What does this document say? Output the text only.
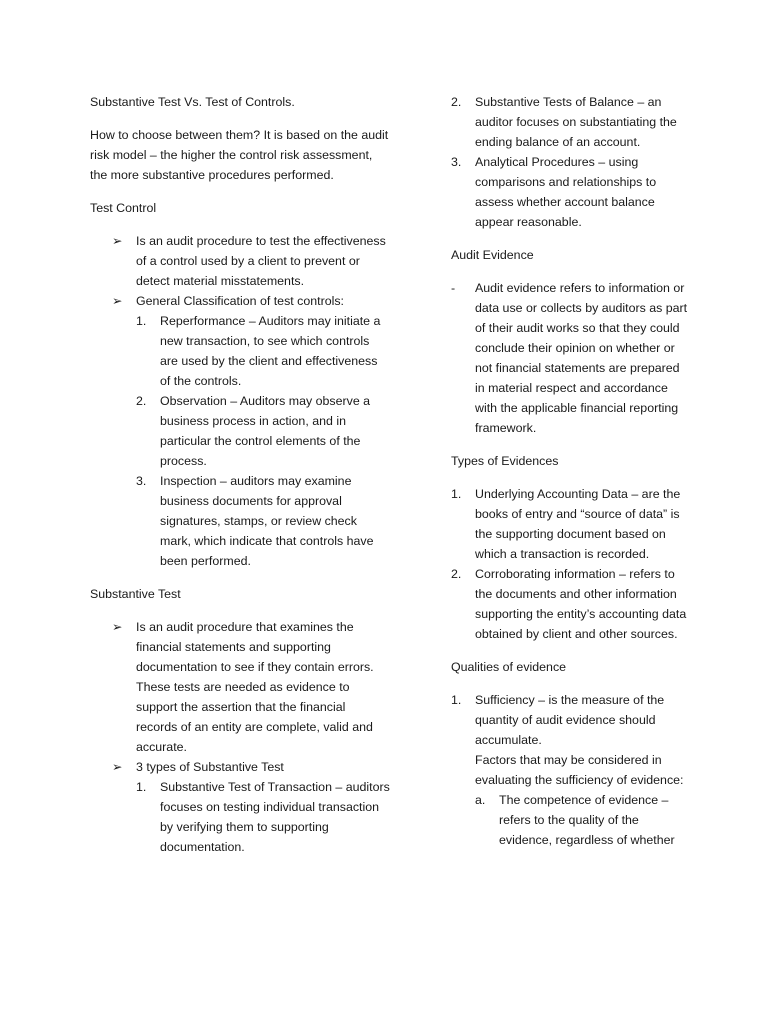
Substantive Test Vs. Test of Controls.

How to choose between them? It is based on the audit risk model – the higher the control risk assessment, the more substantive procedures performed.

Test Control

➢ Is an audit procedure to test the effectiveness of a control used by a client to prevent or detect material misstatements.
➢ General Classification of test controls:
1. Reperformance – Auditors may initiate a new transaction, to see which controls are used by the client and effectiveness of the controls.
2. Observation – Auditors may observe a business process in action, and in particular the control elements of the process.
3. Inspection – auditors may examine business documents for approval signatures, stamps, or review check mark, which indicate that controls have been performed.

Substantive Test

➢ Is an audit procedure that examines the financial statements and supporting documentation to see if they contain errors. These tests are needed as evidence to support the assertion that the financial records of an entity are complete, valid and accurate.
➢ 3 types of Substantive Test
1. Substantive Test of Transaction – auditors focuses on testing individual transaction by verifying them to supporting documentation.
2. Substantive Tests of Balance – an auditor focuses on substantiating the ending balance of an account.
3. Analytical Procedures – using comparisons and relationships to assess whether account balance appear reasonable.

Audit Evidence

- Audit evidence refers to information or data use or collects by auditors as part of their audit works so that they could conclude their opinion on whether or not financial statements are prepared in material respect and accordance with the applicable financial reporting framework.

Types of Evidences

1. Underlying Accounting Data – are the books of entry and “source of data” is the supporting document based on which a transaction is recorded.
2. Corroborating information – refers to the documents and other information supporting the entity’s accounting data obtained by client and other sources.

Qualities of evidence

1. Sufficiency – is the measure of the quantity of audit evidence should accumulate.
Factors that may be considered in evaluating the sufficiency of evidence:
a. The competence of evidence – refers to the quality of the evidence, regardless of whether
